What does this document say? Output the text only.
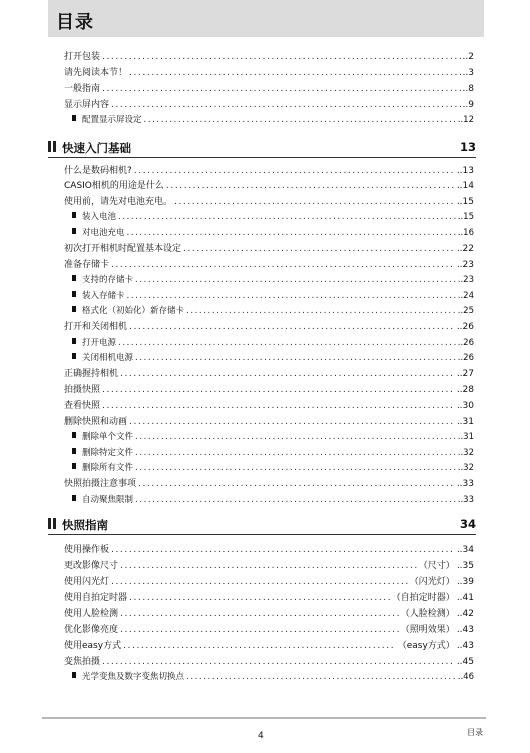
目录
打开包装 .....	..2
请先阅读本节！ .....	..3
一般指南 .....	..8
显示屏内容 .....	..9
配置显示屏设定 .....	..12
快速入门基础	13
什么是数码相机? .....	..13
CASIO相机的用途是什么 .....	..14
使用前，请先对电池充电。 .....	..15
装入电池 .....	..15
对电池充电 .....	..16
初次打开相机时配置基本设定 .....	..22
准备存储卡 .....	..23
支持的存储卡 .....	..23
装入存储卡 .....	..24
格式化（初始化）新存储卡 .....	..25
打开和关闭相机 .....	..26
打开电源 .....	..26
关闭相机电源 .....	..26
正确握持相机 .....	..27
拍摄快照 .....	..28
查看快照 .....	..30
删除快照和动画 .....	..31
删除单个文件 .....	..31
删除特定文件 .....	..32
删除所有文件 .....	..32
快照拍摄注意事项 .....	..33
自动聚焦限制 .....	..33
快照指南	34
使用操作板 .....	..34
更改影像尺寸 .....	（尺寸） ..35
使用闪光灯 .....	（闪光灯） ..39
使用自拍定时器 .....	（自拍定时器） ..41
使用人脸检测 .....	（人脸检测） ..42
优化影像亮度 .....	（照明效果） ..43
使用easy方式 .....	（easy方式） ..43
变焦拍摄 .....	..45
光学变焦及数字变焦切换点 .....	..46
4	目录
